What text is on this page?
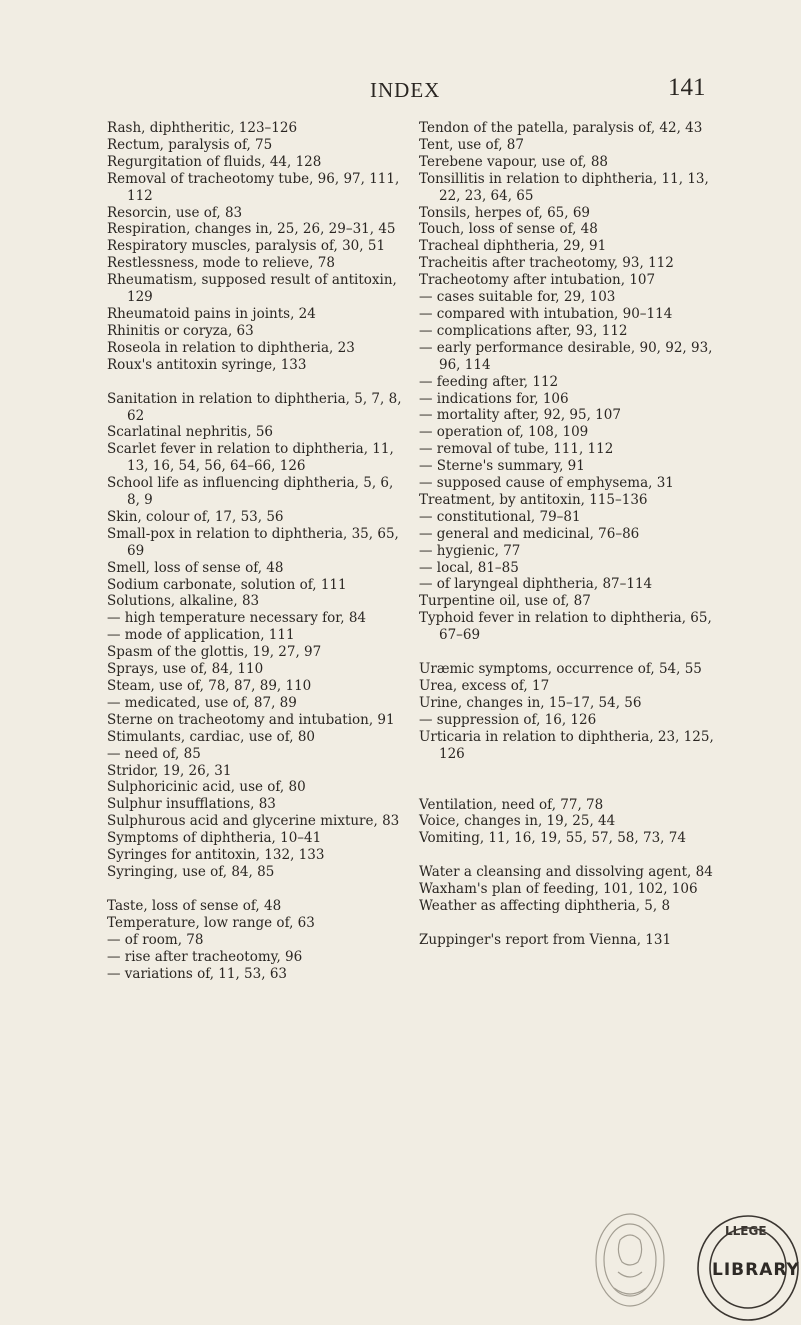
INDEX	141
Rash, diphtheritic, 123–126
Rectum, paralysis of, 75
Regurgitation of fluids, 44, 128
Removal of tracheotomy tube, 96, 97, 111, 112
Resorcin, use of, 83
Respiration, changes in, 25, 26, 29–31, 45
Respiratory muscles, paralysis of, 30, 51
Restlessness, mode to relieve, 78
Rheumatism, supposed result of antitoxin, 129
Rheumatoid pains in joints, 24
Rhinitis or coryza, 63
Roseola in relation to diphtheria, 23
Roux's antitoxin syringe, 133
Sanitation in relation to diphtheria, 5, 7, 8, 62
Scarlatinal nephritis, 56
Scarlet fever in relation to diphtheria, 11, 13, 16, 54, 56, 64–66, 126
School life as influencing diphtheria, 5, 6, 8, 9
Skin, colour of, 17, 53, 56
Small-pox in relation to diphtheria, 35, 65, 69
Smell, loss of sense of, 48
Sodium carbonate, solution of, 111
Solutions, alkaline, 83
— high temperature necessary for, 84
— mode of application, 111
Spasm of the glottis, 19, 27, 97
Sprays, use of, 84, 110
Steam, use of, 78, 87, 89, 110
— medicated, use of, 87, 89
Sterne on tracheotomy and intubation, 91
Stimulants, cardiac, use of, 80
— need of, 85
Stridor, 19, 26, 31
Sulphoricinic acid, use of, 80
Sulphur insufflations, 83
Sulphurous acid and glycerine mixture, 83
Symptoms of diphtheria, 10–41
Syringes for antitoxin, 132, 133
Syringing, use of, 84, 85
Taste, loss of sense of, 48
Temperature, low range of, 63
— of room, 78
— rise after tracheotomy, 96
— variations of, 11, 53, 63
Tendon of the patella, paralysis of, 42, 43
Tent, use of, 87
Terebene vapour, use of, 88
Tonsillitis in relation to diphtheria, 11, 13, 22, 23, 64, 65
Tonsils, herpes of, 65, 69
Touch, loss of sense of, 48
Tracheal diphtheria, 29, 91
Tracheitis after tracheotomy, 93, 112
Tracheotomy after intubation, 107
— cases suitable for, 29, 103
— compared with intubation, 90–114
— complications after, 93, 112
— early performance desirable, 90, 92, 93, 96, 114
— feeding after, 112
— indications for, 106
— mortality after, 92, 95, 107
— operation of, 108, 109
— removal of tube, 111, 112
— Sterne's summary, 91
— supposed cause of emphysema, 31
Treatment, by antitoxin, 115–136
— constitutional, 79–81
— general and medicinal, 76–86
— hygienic, 77
— local, 81–85
— of laryngeal diphtheria, 87–114
Turpentine oil, use of, 87
Typhoid fever in relation to diphtheria, 65, 67–69
Uræmic symptoms, occurrence of, 54, 55
Urea, excess of, 17
Urine, changes in, 15–17, 54, 56
— suppression of, 16, 126
Urticaria in relation to diphtheria, 23, 125, 126
Ventilation, need of, 77, 78
Voice, changes in, 19, 25, 44
Vomiting, 11, 16, 19, 55, 57, 58, 73, 74
Water a cleansing and dissolving agent, 84
Waxham's plan of feeding, 101, 102, 106
Weather as affecting diphtheria, 5, 8
Zuppinger's report from Vienna, 131
LLEGE
LIBRARY
